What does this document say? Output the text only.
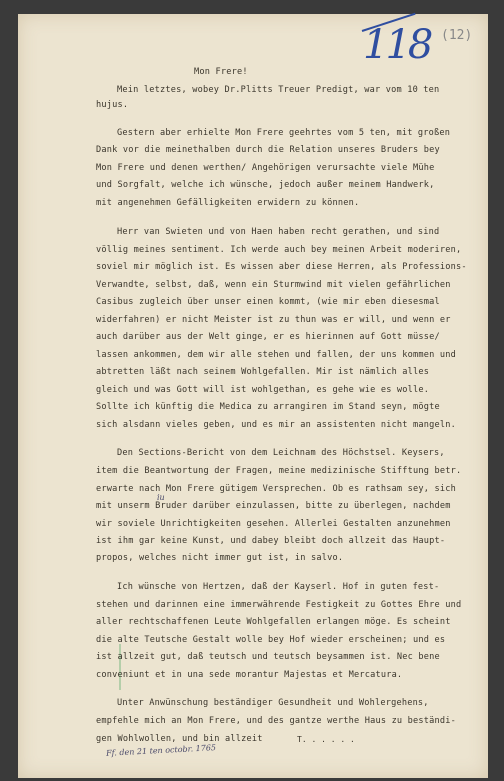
118 (12)
Mon Frere!
Mein letztes, wobey Dr.Plitts Treuer Predigt, war vom 10 ten
hujus.
Gestern aber erhielte Mon Frere geehrtes vom 5 ten, mit großen
Dank vor die meinethalben durch die Relation unseres Bruders bey
Mon Frere und denen werthen/ Angehörigen verursachte viele Mühe
und Sorgfalt, welche ich wünsche, jedoch außer meinem Handwerk,
mit angenehmen Gefälligkeiten erwidern zu können.
Herr van Swieten und von Haen haben recht gerathen, und sind
völlig meines sentiment. Ich werde auch bey meinen Arbeit moderiren,
soviel mir möglich ist. Es wissen aber diese Herren, als Professions-
Verwandte, selbst, daß, wenn ein Sturmwind mit vielen gefährlichen
Casibus zugleich über unser einen kommt, (wie mir eben diesesmal
widerfahren) er nicht Meister ist zu thun was er will, und wenn er
auch darüber aus der Welt ginge, er es hierinnen auf Gott müsse/
lassen ankommen, dem wir alle stehen und fallen, der uns kommen und
abtretten läßt nach seinem Wohlgefallen. Mir ist nämlich alles
gleich und was Gott will ist wohlgethan, es gehe wie es wolle.
Sollte ich künftig die Medica zu arrangiren im Stand seyn, mögte
sich alsdann vieles geben, und es mir an assistenten nicht mangeln.
Den Sections-Bericht von dem Leichnam des Höchstsel. Keysers,
item die Beantwortung der Fragen, meine medizinische Stifftung betr.
erwarte nach Mon Frere gütigem Versprechen. Ob es rathsam sey, sich
mit unserm Bruder darüber einzulassen, bitte zu überlegen, nachdem
wir soviele Unrichtigkeiten gesehen. Allerlei Gestalten anzunehmen
ist ihm gar keine Kunst, und dabey bleibt doch allzeit das Haupt-
propos, welches nicht immer gut ist, in salvo.
Ich wünsche von Hertzen, daß der Kayserl. Hof in guten fest-
stehen und darinnen eine immerwährende Festigkeit zu Gottes Ehre und
aller rechtschaffenen Leute Wohlgefallen erlangen möge. Es scheint
die alte Teutsche Gestalt wolle bey Hof wieder erscheinen; und es
ist allzeit gut, daß teutsch und teutsch beysammen ist. Nec bene
conveniunt et in una sede morantur Majestas et Mercatura.
Unter Anwünschung beständiger Gesundheit und Wohlergehens,
empfehle mich an Mon Frere, und des gantze werthe Haus zu beständi-
gen Wohlwollen, und bin allzeit
iu
T. . . . . .
Ff. den 21 ten octobr. 1765
